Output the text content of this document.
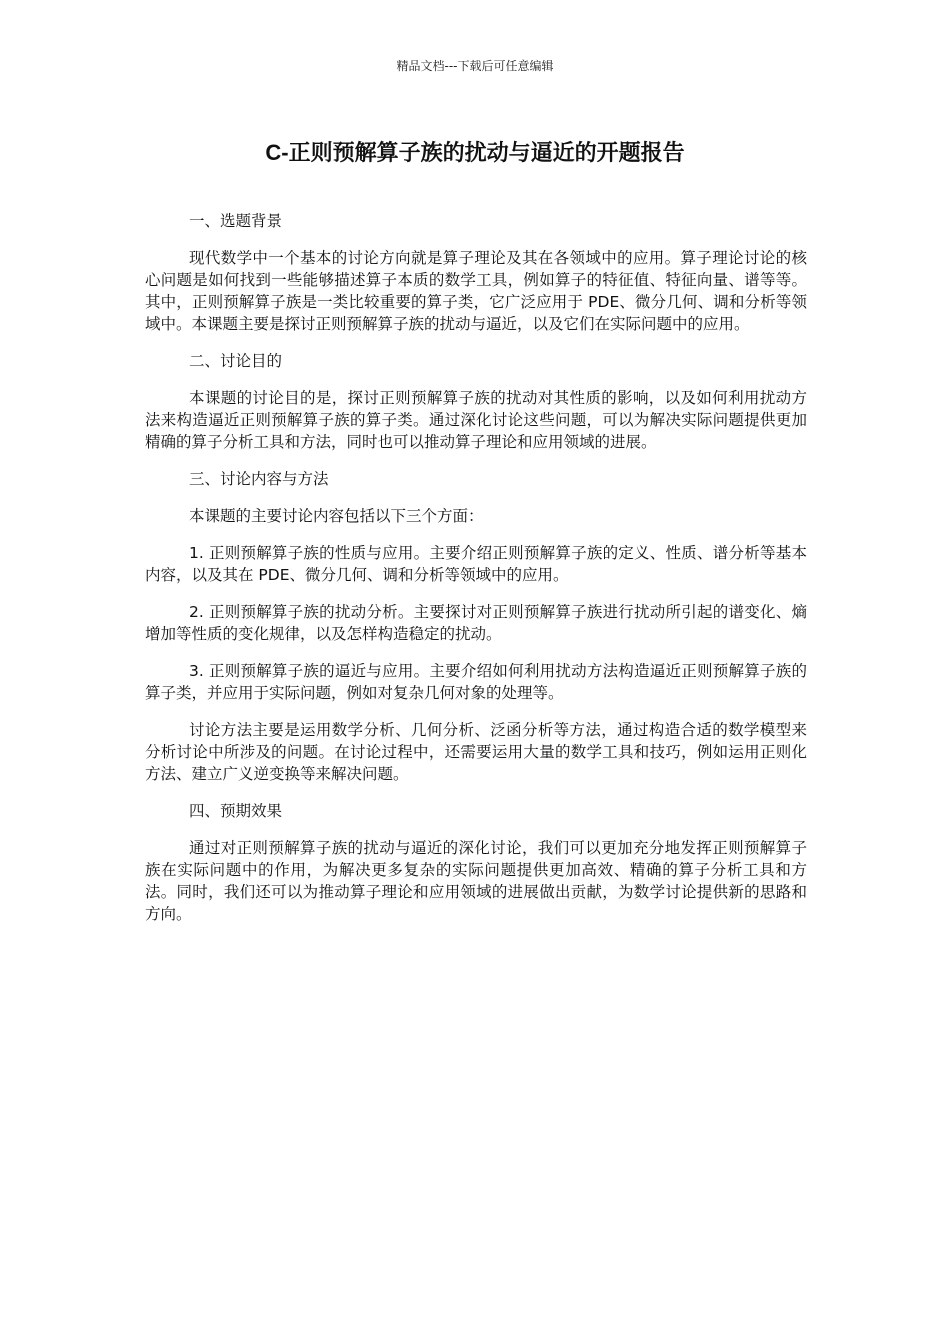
精品文档---下载后可任意编辑
C-正则预解算子族的扰动与逼近的开题报告

一、选题背景

现代数学中一个基本的讨论方向就是算子理论及其在各领域中的应用。算子理论讨论的核心问题是如何找到一些能够描述算子本质的数学工具，例如算子的特征值、特征向量、谱等等。其中，正则预解算子族是一类比较重要的算子类，它广泛应用于 PDE、微分几何、调和分析等领域中。本课题主要是探讨正则预解算子族的扰动与逼近，以及它们在实际问题中的应用。

二、讨论目的

本课题的讨论目的是，探讨正则预解算子族的扰动对其性质的影响，以及如何利用扰动方法来构造逼近正则预解算子族的算子类。通过深化讨论这些问题，可以为解决实际问题提供更加精确的算子分析工具和方法，同时也可以推动算子理论和应用领域的进展。

三、讨论内容与方法

本课题的主要讨论内容包括以下三个方面：

1. 正则预解算子族的性质与应用。主要介绍正则预解算子族的定义、性质、谱分析等基本内容，以及其在 PDE、微分几何、调和分析等领域中的应用。

2. 正则预解算子族的扰动分析。主要探讨对正则预解算子族进行扰动所引起的谱变化、熵增加等性质的变化规律，以及怎样构造稳定的扰动。

3. 正则预解算子族的逼近与应用。主要介绍如何利用扰动方法构造逼近正则预解算子族的算子类，并应用于实际问题，例如对复杂几何对象的处理等。

讨论方法主要是运用数学分析、几何分析、泛函分析等方法，通过构造合适的数学模型来分析讨论中所涉及的问题。在讨论过程中，还需要运用大量的数学工具和技巧，例如运用正则化方法、建立广义逆变换等来解决问题。

四、预期效果

通过对正则预解算子族的扰动与逼近的深化讨论，我们可以更加充分地发挥正则预解算子族在实际问题中的作用，为解决更多复杂的实际问题提供更加高效、精确的算子分析工具和方法。同时，我们还可以为推动算子理论和应用领域的进展做出贡献，为数学讨论提供新的思路和方向。
